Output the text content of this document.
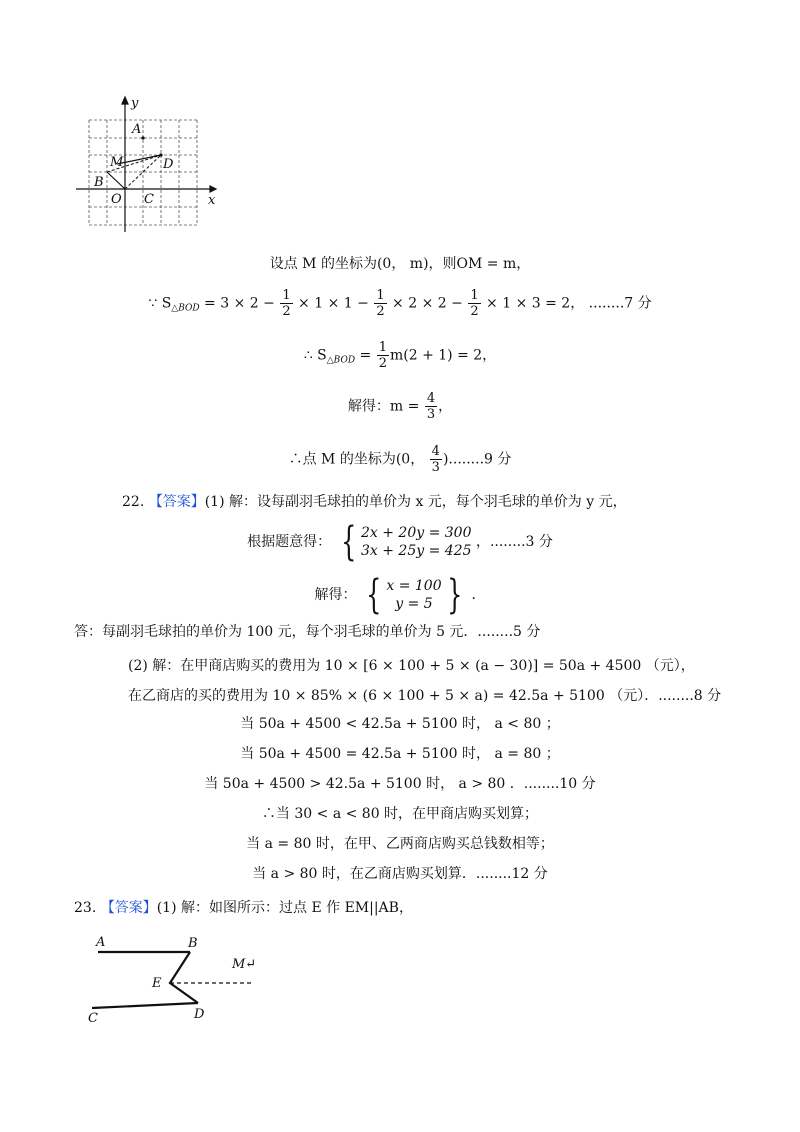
y
x
A
M	D
B
O C
设点 M 的坐标为(0， m)，则OM = m，
∵ $S_{\triangle BOD} = 3 \times 2 - \frac{1}{2} \times 1 \times 1 - \frac{1}{2} \times 2 \times 2 - \frac{1}{2} \times 1 \times 3 = 2$， ........7 分
∴ $S_{\triangle BOD} = \frac{1}{2} m(2 + 1) = 2$，
解得：$m = \frac{4}{3}$ ，
∴点 M 的坐标为(0， $\frac{4}{3} )........9$ 分
22. 【答案】(1) 解：设每副羽毛球拍的单价为 x 元，每个羽毛球的单价为 y 元，
根据题意得： { 2x + 20y = 300
3x + 25y = 425
，........3 分
解得： { x = 100
y = 5 { ．
答：每副羽毛球拍的单价为 100 元，每个羽毛球的单价为 5 元．........5 分
(2) 解：在甲商店购买的费用为 10 × [6 × 100 + 5 × (a − 30)] = 50a + 4500 （元），
在乙商店的买的费用为 10 × 85% × (6 × 100 + 5 × a) = 42.5a + 5100 （元）．........8 分
当 50a + 4500 < 42.5a + 5100 时， a < 80 ；
当 50a + 4500 = 42.5a + 5100 时， a = 80 ；
当 50a + 4500 > 42.5a + 5100 时， a > 80 ．........10 分
∴当 30 < a < 80 时，在甲商店购买划算；
当 a = 80 时，在甲、乙两商店购买总钱数相等；
当 a > 80 时，在乙商店购买划算．........12 分
23. 【答案】(1) 解：如图所示：过点 E 作 EM||AB，
A	B
E
M↵
C	D
